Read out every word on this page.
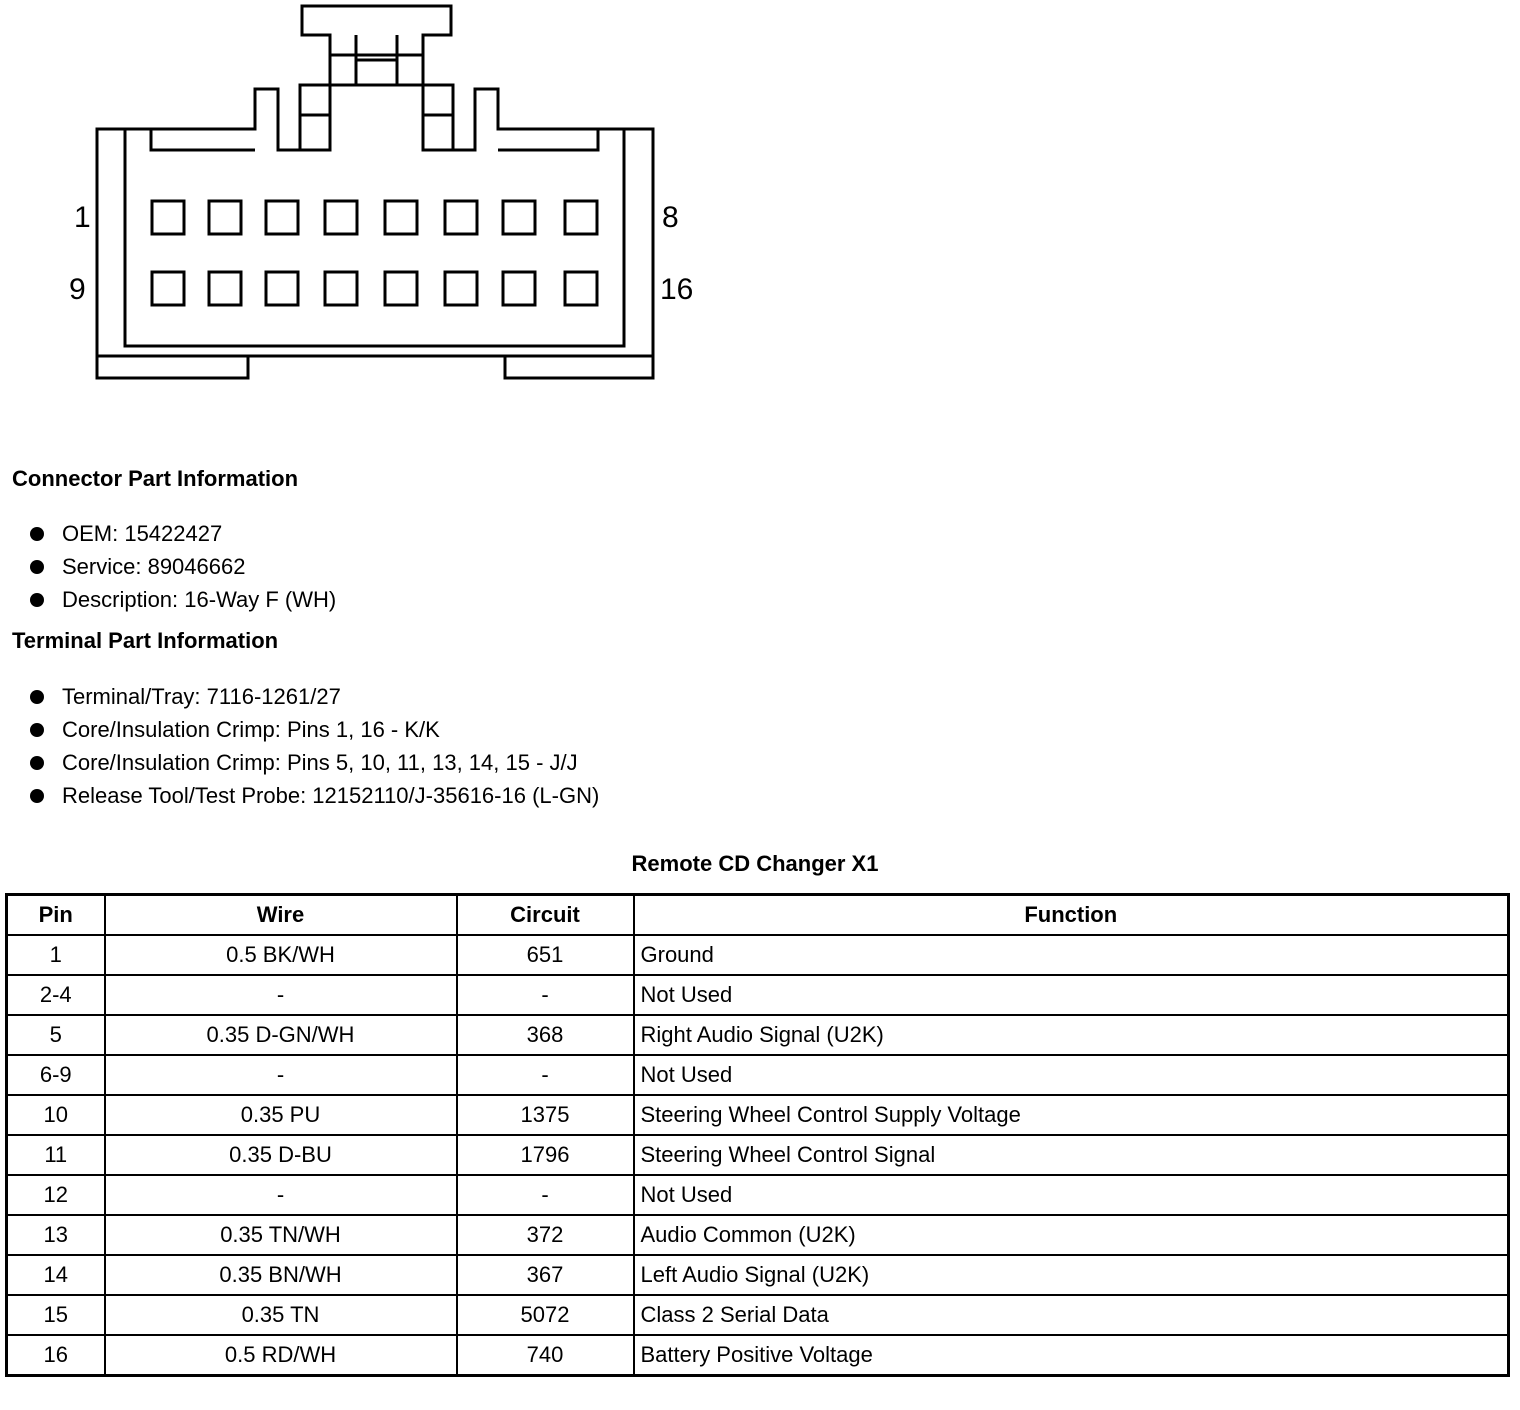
1	8
9	16
Connector Part Information
OEM: 15422427
Service: 89046662
Description: 16-Way F (WH)
Terminal Part Information
Terminal/Tray: 7116-1261/27
Core/Insulation Crimp: Pins 1, 16 - K/K
Core/Insulation Crimp: Pins 5, 10, 11, 13, 14, 15 - J/J
Release Tool/Test Probe: 12152110/J-35616-16 (L-GN)
Remote CD Changer X1
Pin	Wire	Circuit	Function
1	0.5 BK/WH	651	Ground
2-4	-	-	Not Used
5	0.35 D-GN/WH	368	Right Audio Signal (U2K)
6-9	-	-	Not Used
10	0.35 PU	1375	Steering Wheel Control Supply Voltage
11	0.35 D-BU	1796	Steering Wheel Control Signal
12	-	-	Not Used
13	0.35 TN/WH	372	Audio Common (U2K)
14	0.35 BN/WH	367	Left Audio Signal (U2K)
15	0.35 TN	5072	Class 2 Serial Data
16	0.5 RD/WH	740	Battery Positive Voltage
